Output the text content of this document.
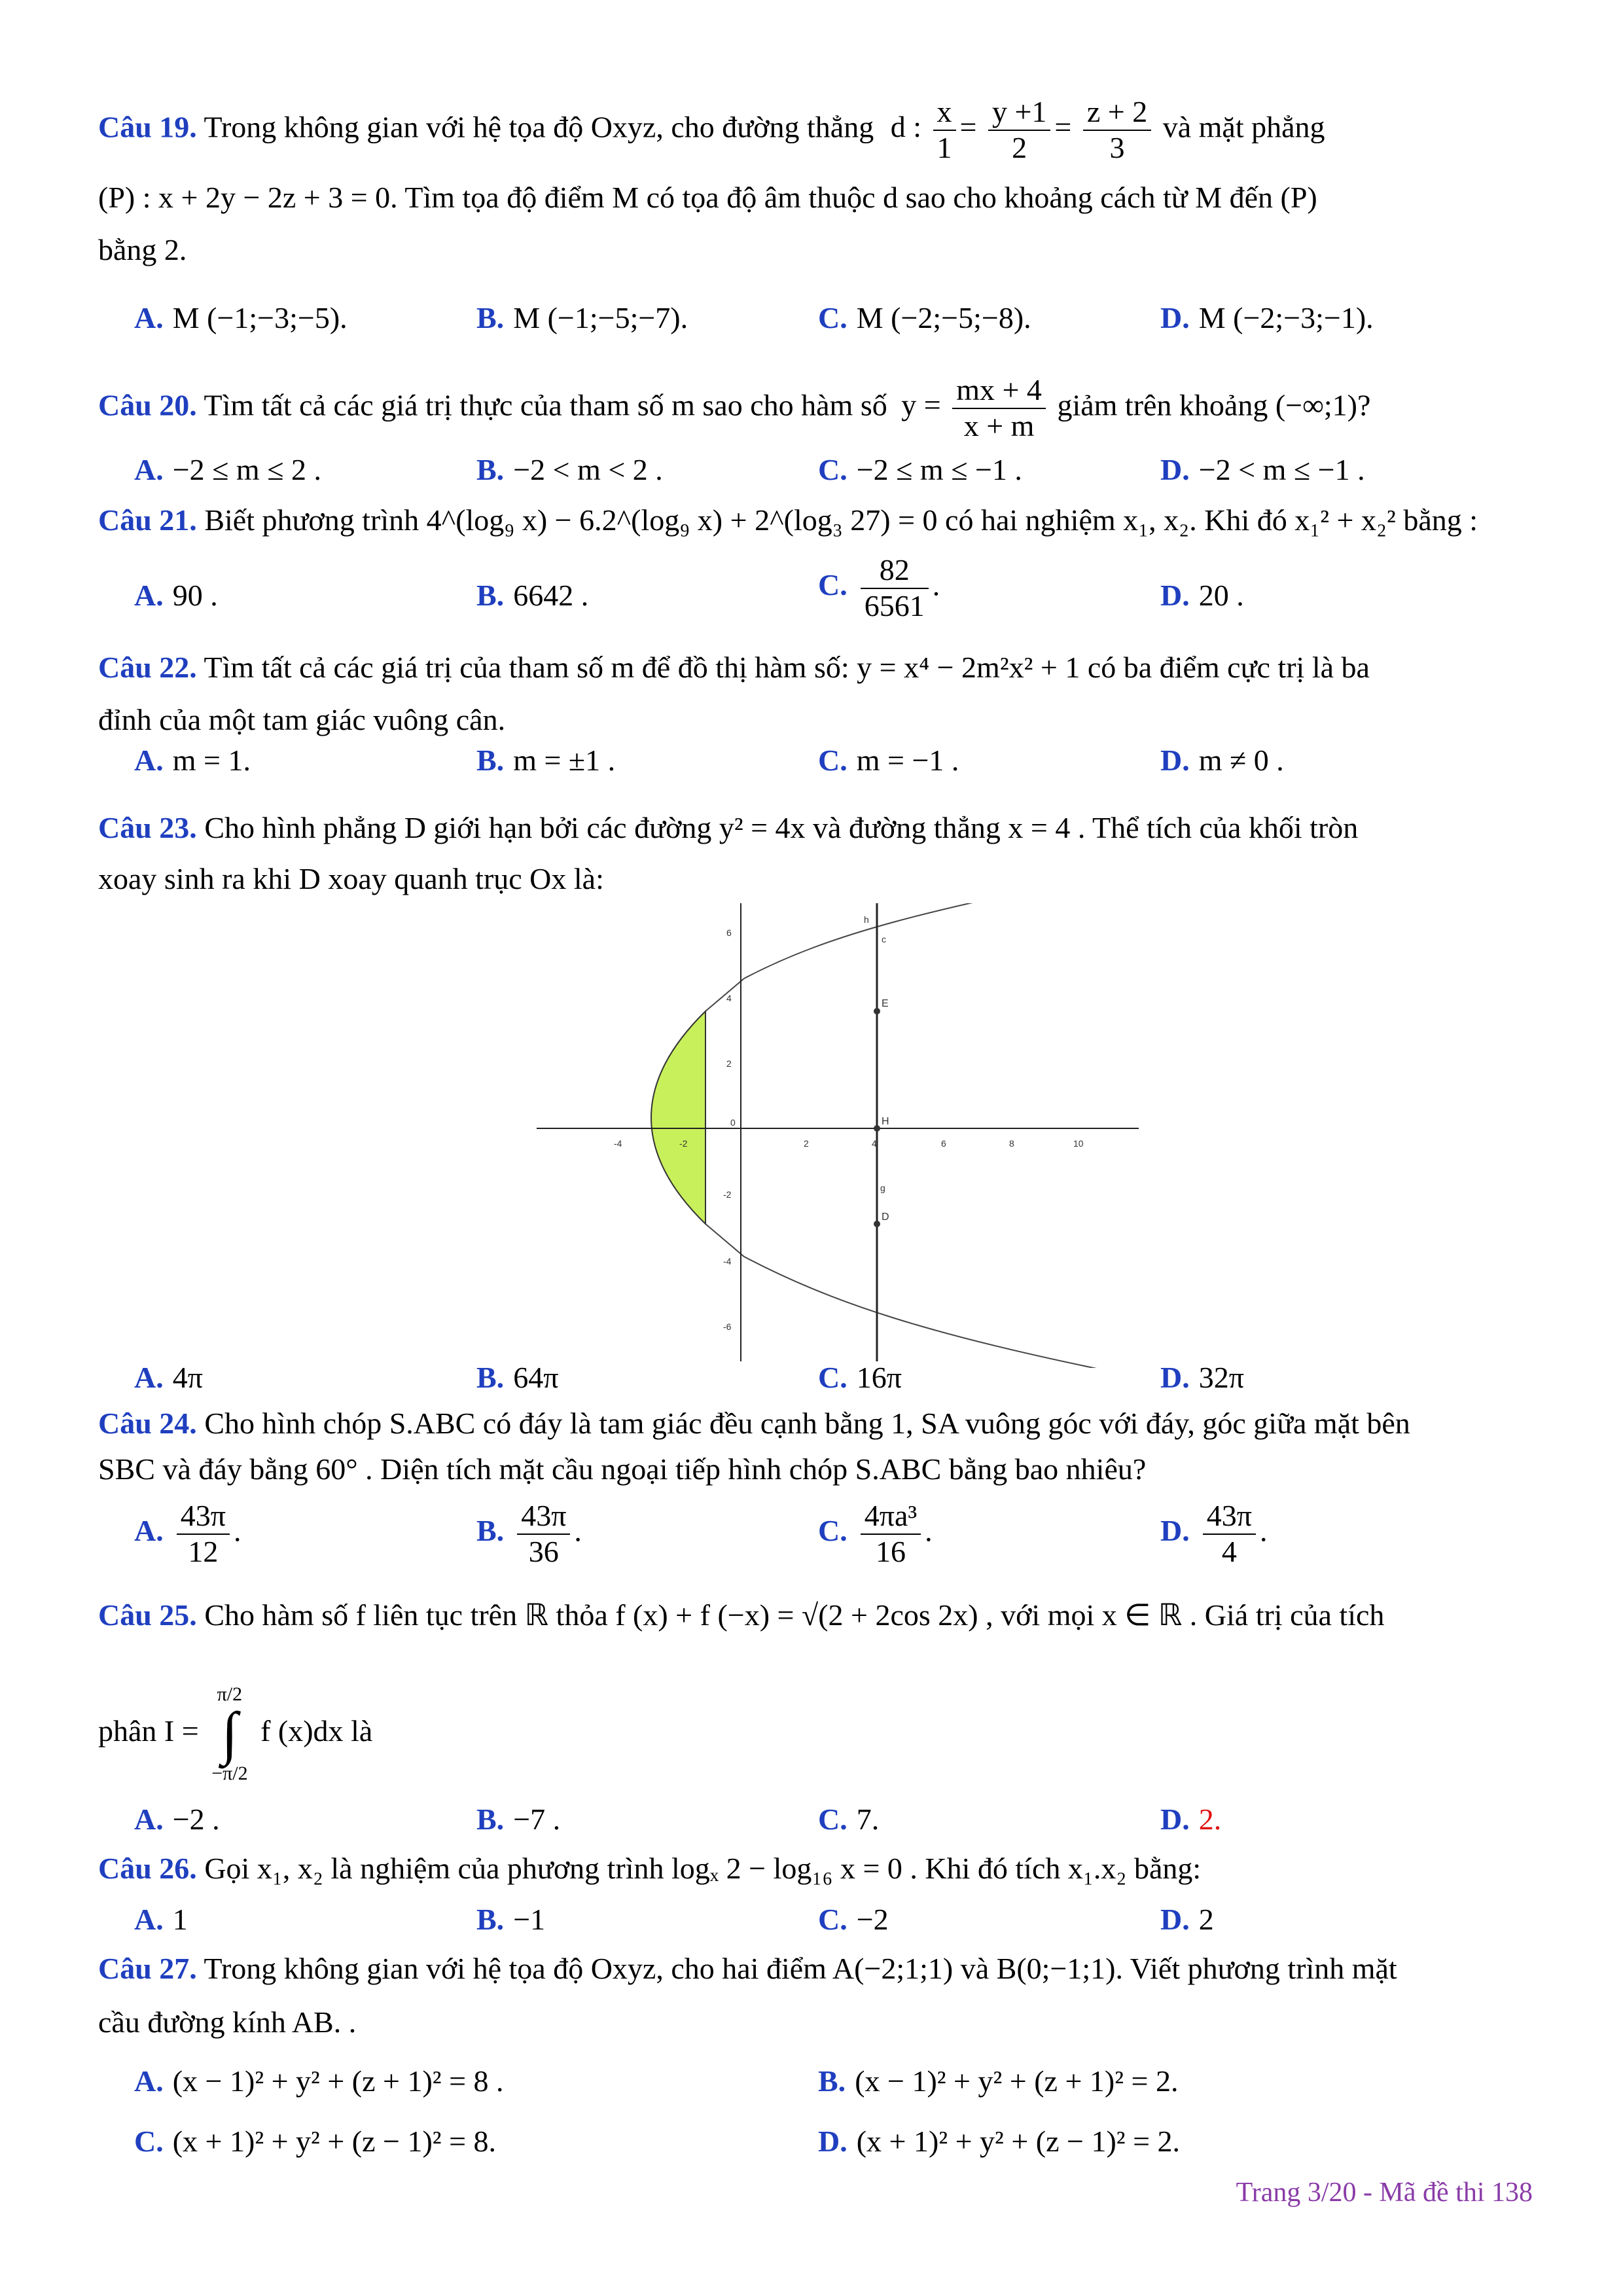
Câu 19. Trong không gian với hệ tọa độ Oxyz, cho đường thẳng d : $\frac{x}{1} = \frac{y +1}{2} = \frac{z + 2}{3}$ và mặt phẳng
(P) : x + 2y − 2z + 3 = 0. Tìm tọa độ điểm M có tọa độ âm thuộc d sao cho khoảng cách từ M đến (P)
bằng 2.
A. M (−1;−3;−5).	B. M (−1;−5;−7).	C. M (−2;−5;−8).	D. M (−2;−3;−1).
Câu 20. Tìm tất cả các giá trị thực của tham số m sao cho hàm số $y = \frac{mx + 4}{x + m}$ giảm trên khoảng (−∞;1)?
A. −2 ≤ m ≤ 2 .	B. −2 < m < 2 .	C. −2 ≤ m ≤ −1 .	D. −2 < m ≤ −1 .
Câu 21. Biết phương trình 4^(log₉ x) − 6.2^(log₉ x) + 2^(log₃ 27) = 0 có hai nghiệm x₁, x₂. Khi đó x₁² + x₂² bằng :
A. 90 .	B. 6642 .	C. $\frac{82}{6561}$ .	D. 20 .
Câu 22. Tìm tất cả các giá trị của tham số m để đồ thị hàm số: y = x⁴ − 2m²x² + 1 có ba điểm cực trị là ba
đỉnh của một tam giác vuông cân.
A. m = 1.	B. m = ±1 .	C. m = −1 .	D. m ≠ 0 .
Câu 23. Cho hình phẳng D giới hạn bởi các đường y² = 4x và đường thẳng x = 4 . Thể tích của khối tròn
xoay sinh ra khi D xoay quanh trục Ox là:
-4	-2	2	4	6	8	10
6
4
2
-2
-4
-6
0
E
H
D
c
g
h
A. 4π	B. 64π	C. 16π	D. 32π
Câu 24. Cho hình chóp S.ABC có đáy là tam giác đều cạnh bằng 1, SA vuông góc với đáy, góc giữa mặt bên
SBC và đáy bằng 60° . Diện tích mặt cầu ngoại tiếp hình chóp S.ABC bằng bao nhiêu?
A. $\frac{43\pi}{12}$ .	B. $\frac{43\pi}{36}$ .	C. $\frac{\text{4πa³}}{16}$ .	D. $\frac{43\pi}{4}$ .
Câu 25. Cho hàm số f liên tục trên ℝ thỏa f (x) + f (−x) = √(2 + 2cos 2x) , với mọi x ∈ ℝ . Giá trị của tích
phân I = π/2
∫
−π/2 f (x)dx là
A. −2 .	B. −7 .	C. 7.	D. 2.
Câu 26. Gọi x₁, x₂ là nghiệm của phương trình logₓ 2 − log₁₆ x = 0 . Khi đó tích x₁.x₂ bằng:
A. 1	B. −1	C. −2	D. 2
Câu 27. Trong không gian với hệ tọa độ Oxyz, cho hai điểm A(−2;1;1) và B(0;−1;1). Viết phương trình mặt
cầu đường kính AB. .
A. (x − 1)² + y² + (z + 1)² = 8 .	B. (x − 1)² + y² + (z + 1)² = 2.
C. (x + 1)² + y² + (z − 1)² = 8.	D. (x + 1)² + y² + (z − 1)² = 2.
Trang 3/20 - Mã đề thi 138
